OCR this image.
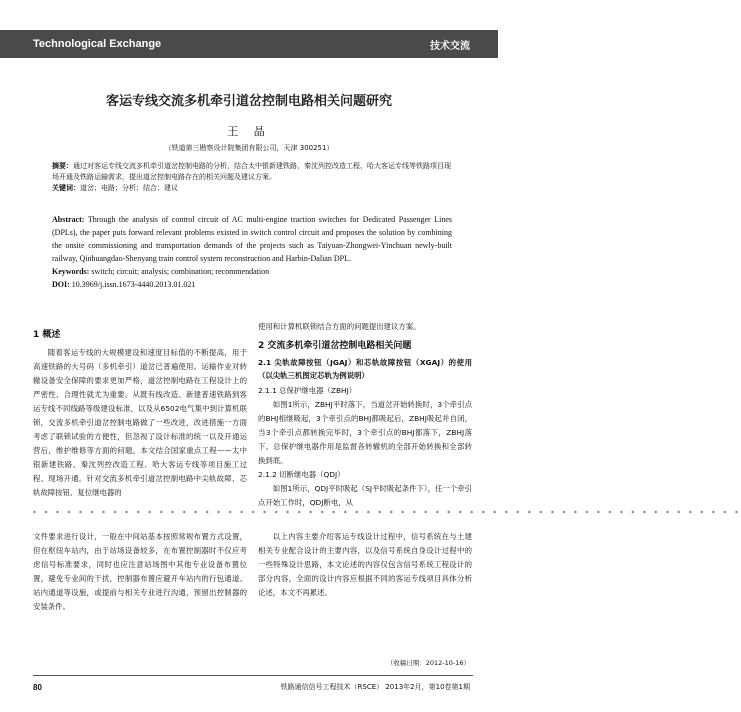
Technological Exchange	技术交流
客运专线交流多机牵引道岔控制电路相关问题研究
王 晶
（铁道第三勘察设计院集团有限公司，天津 300251）

摘要：通过对客运专线交流多机牵引道岔控制电路的分析，结合太中银新建铁路、秦沈列控改造工程、哈大客运专线等铁路项目现场开通及铁路运输需求，提出道岔控制电路存在的相关问题及建议方案。

关键词：道岔；电路；分析；结合；建议

Abstract: Through the analysis of control circuit of AC multi-engine traction switches for Dedicated Passenger Lines (DPLs), the paper puts forward relevant problems existed in switch control circuit and proposes the solution by combining the onsite commissioning and transportation demands of the projects such as Taiyuan-Zhongwei-Yinchuan newly-built railway, Qinhuangdao-Shenyang train control system reconstruction and Harbin-Dalian DPL.

Keywords: switch; circuit; analysis; combination; recommendation

DOI: 10.3969/j.issn.1673-4440.2013.01.021

1 概述

随着客运专线的大规模建设和速度目标值的不断提高，用于高速铁路的大号码（多机牵引）道岔已普遍使用。运输作业对转辙设备安全保障的要求更加严格，道岔控制电路在工程设计上的严密性、合理性就尤为重要。从既有线改造、新建普速铁路到客运专线不同线路等级建设标准，以及从6502电气集中到计算机联锁，交流多机牵引道岔控制电路做了一些改进，改进措施一方面考虑了联锁试验的方便性，但忽视了设计标准的统一以及开通运营后，维护维修等方面的问题。本文结合国家重点工程——太中银新建铁路、秦沈列控改造工程、哈大客运专线等项目施工过程、现场开通。针对交流多机牵引道岔控制电路中尖轨故障、芯轨故障按钮、复位继电器的

使用和计算机联锁结合方面的问题提出建议方案。

2 交流多机牵引道岔控制电路相关问题

2.1 尖轨故障按钮（JGAJ）和芯轨故障按钮（XGAJ）的使用（以尖轨三机图定芯轨为例说明）

2.1.1 总保护继电器（ZBHJ）

如图1所示，ZBHJ平时落下，当道岔开始转换时，3个牵引点的BHJ相继吸起，3个牵引点的BHJ都吸起后，ZBHJ吸起并自闭，当3个牵引点都转换完毕时，3个牵引点的BHJ都落下，ZBHJ落下。总保护继电器作用是监督各转辙机的全部开始转换和全部转换到底。

2.1.2 切断继电器（QDJ）

如图1所示，QDJ平时吸起（SJ平时吸起条件下），任一个牵引点开始工作时，QDJ断电，从

* * * * * * * * * * * * * * * * * * * * * * * * * * * * * * * * * * * * * * * * * * * * * * * * * * * * * * * * * * * * * *

文件要求进行设计，一般在中间站基本按照常规布置方式设置，但在枢纽车站内，由于站场设备较多，在布置控制器时不仅应考虑信号标准要求，同时也应注意站场图中其他专业设备布置位置，避免专业间的干扰，控制器布置应避开车站内的行包通道、站内通道等设施，或提前与相关专业进行沟通，预留出控制器的安装条件。

以上内容主要介绍客运专线设计过程中，信号系统在与土建相关专业配合设计的主要内容，以及信号系统自身设计过程中的一些特殊设计思路，本文论述的内容仅包含信号系统工程设计的部分内容，全面的设计内容应根据不同的客运专线项目具体分析论述，本文不再累述。

（收稿日期：2012-10-16）
80	铁路通信信号工程技术（RSCE） 2013年2月，第10卷第1期
